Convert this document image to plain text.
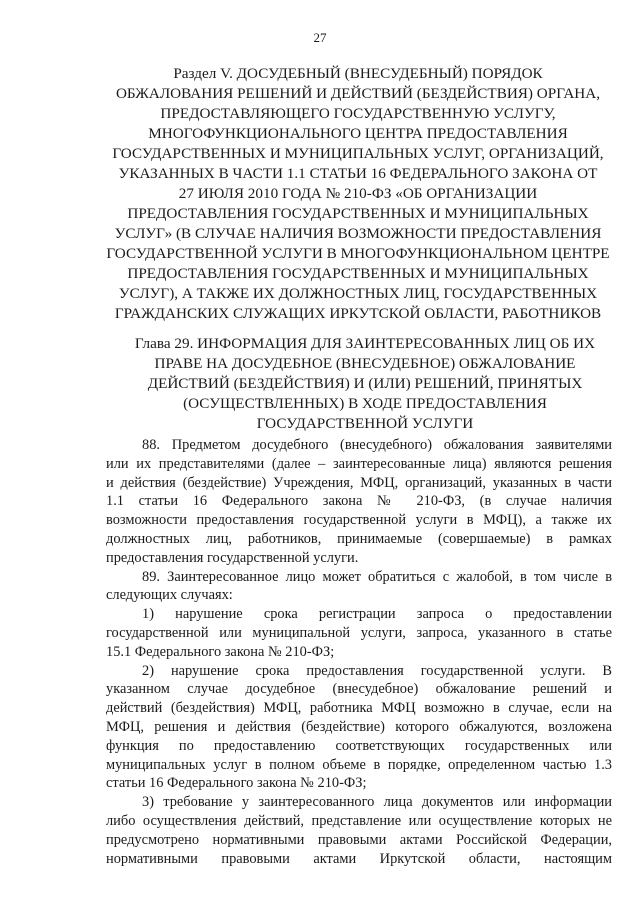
27
Раздел V. ДОСУДЕБНЫЙ (ВНЕСУДЕБНЫЙ) ПОРЯДОК
ОБЖАЛОВАНИЯ РЕШЕНИЙ И ДЕЙСТВИЙ (БЕЗДЕЙСТВИЯ) ОРГАНА,
ПРЕДОСТАВЛЯЮЩЕГО ГОСУДАРСТВЕННУЮ УСЛУГУ,
МНОГОФУНКЦИОНАЛЬНОГО ЦЕНТРА ПРЕДОСТАВЛЕНИЯ
ГОСУДАРСТВЕННЫХ И МУНИЦИПАЛЬНЫХ УСЛУГ, ОРГАНИЗАЦИЙ,
УКАЗАННЫХ В ЧАСТИ 1.1 СТАТЬИ 16 ФЕДЕРАЛЬНОГО ЗАКОНА ОТ
27 ИЮЛЯ 2010 ГОДА № 210-ФЗ «ОБ ОРГАНИЗАЦИИ
ПРЕДОСТАВЛЕНИЯ ГОСУДАРСТВЕННЫХ И МУНИЦИПАЛЬНЫХ
УСЛУГ» (В СЛУЧАЕ НАЛИЧИЯ ВОЗМОЖНОСТИ ПРЕДОСТАВЛЕНИЯ
ГОСУДАРСТВЕННОЙ УСЛУГИ В МНОГОФУНКЦИОНАЛЬНОМ ЦЕНТРЕ
ПРЕДОСТАВЛЕНИЯ ГОСУДАРСТВЕННЫХ И МУНИЦИПАЛЬНЫХ
УСЛУГ), А ТАКЖЕ ИХ ДОЛЖНОСТНЫХ ЛИЦ, ГОСУДАРСТВЕННЫХ
ГРАЖДАНСКИХ СЛУЖАЩИХ ИРКУТСКОЙ ОБЛАСТИ, РАБОТНИКОВ
Глава 29. ИНФОРМАЦИЯ ДЛЯ ЗАИНТЕРЕСОВАННЫХ ЛИЦ ОБ ИХ
ПРАВЕ НА ДОСУДЕБНОЕ (ВНЕСУДЕБНОЕ) ОБЖАЛОВАНИЕ
ДЕЙСТВИЙ (БЕЗДЕЙСТВИЯ) И (ИЛИ) РЕШЕНИЙ, ПРИНЯТЫХ
(ОСУЩЕСТВЛЕННЫХ) В ХОДЕ ПРЕДОСТАВЛЕНИЯ
ГОСУДАРСТВЕННОЙ УСЛУГИ
88. Предметом досудебного (внесудебного) обжалования заявителями
или их представителями (далее – заинтересованные лица) являются решения
и действия (бездействие) Учреждения, МФЦ, организаций, указанных в части
1.1 статьи 16 Федерального закона № 210-ФЗ, (в случае наличия
возможности предоставления государственной услуги в МФЦ), а также их
должностных лиц, работников, принимаемые (совершаемые) в рамках
предоставления государственной услуги.
89. Заинтересованное лицо может обратиться с жалобой, в том числе в
следующих случаях:
1) нарушение срока регистрации запроса о предоставлении
государственной или муниципальной услуги, запроса, указанного в статье
15.1 Федерального закона № 210-ФЗ;
2) нарушение срока предоставления государственной услуги. В
указанном случае досудебное (внесудебное) обжалование решений и
действий (бездействия) МФЦ, работника МФЦ возможно в случае, если на
МФЦ, решения и действия (бездействие) которого обжалуются, возложена
функция по предоставлению соответствующих государственных или
муниципальных услуг в полном объеме в порядке, определенном частью 1.3
статьи 16 Федерального закона № 210-ФЗ;
3) требование у заинтересованного лица документов или информации
либо осуществления действий, представление или осуществление которых не
предусмотрено нормативными правовыми актами Российской Федерации,
нормативными правовыми актами Иркутской области, настоящим
